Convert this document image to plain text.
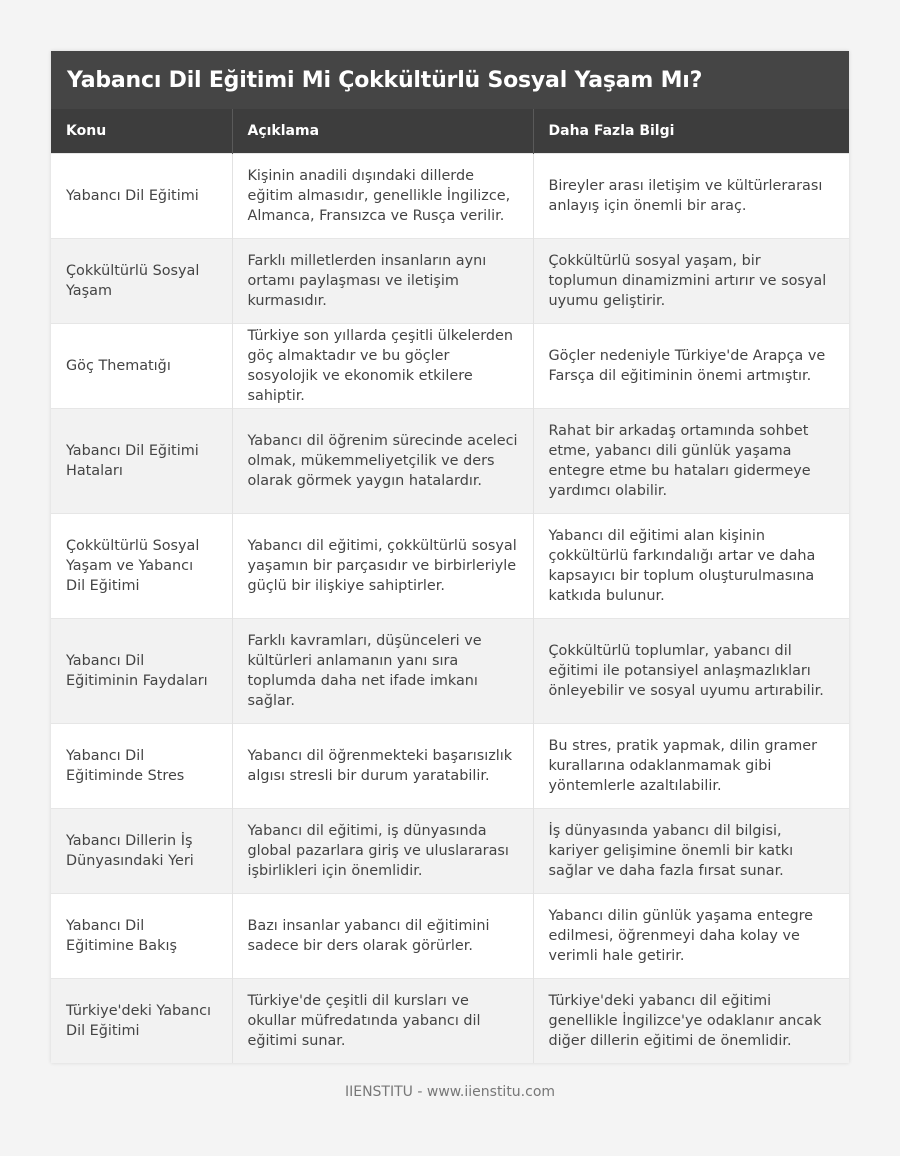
Yabancı Dil Eğitimi Mi Çokkültürlü Sosyal Yaşam Mı?
Konu	Açıklama	Daha Fazla Bilgi
Yabancı Dil Eğitimi	Kişinin anadili dışındaki dillerde eğitim almasıdır, genellikle İngilizce, Almanca, Fransızca ve Rusça verilir.	Bireyler arası iletişim ve kültürlerarası anlayış için önemli bir araç.
Çokkültürlü Sosyal Yaşam	Farklı milletlerden insanların aynı ortamı paylaşması ve iletişim kurmasıdır.	Çokkültürlü sosyal yaşam, bir toplumun dinamizmini artırır ve sosyal uyumu geliştirir.
Göç Thematığı	Türkiye son yıllarda çeşitli ülkelerden göç almaktadır ve bu göçler sosyolojik ve ekonomik etkilere sahiptir.	Göçler nedeniyle Türkiye'de Arapça ve Farsça dil eğitiminin önemi artmıştır.
Yabancı Dil Eğitimi Hataları	Yabancı dil öğrenim sürecinde aceleci olmak, mükemmeliyetçilik ve ders olarak görmek yaygın hatalardır.	Rahat bir arkadaş ortamında sohbet etme, yabancı dili günlük yaşama entegre etme bu hataları gidermeye yardımcı olabilir.
Çokkültürlü Sosyal Yaşam ve Yabancı Dil Eğitimi	Yabancı dil eğitimi, çokkültürlü sosyal yaşamın bir parçasıdır ve birbirleriyle güçlü bir ilişkiye sahiptirler.	Yabancı dil eğitimi alan kişinin çokkültürlü farkındalığı artar ve daha kapsayıcı bir toplum oluşturulmasına katkıda bulunur.
Yabancı Dil Eğitiminin Faydaları	Farklı kavramları, düşünceleri ve kültürleri anlamanın yanı sıra toplumda daha net ifade imkanı sağlar.	Çokkültürlü toplumlar, yabancı dil eğitimi ile potansiyel anlaşmazlıkları önleyebilir ve sosyal uyumu artırabilir.
Yabancı Dil Eğitiminde Stres	Yabancı dil öğrenmekteki başarısızlık algısı stresli bir durum yaratabilir.	Bu stres, pratik yapmak, dilin gramer kurallarına odaklanmamak gibi yöntemlerle azaltılabilir.
Yabancı Dillerin İş Dünyasındaki Yeri	Yabancı dil eğitimi, iş dünyasında global pazarlara giriş ve uluslararası işbirlikleri için önemlidir.	İş dünyasında yabancı dil bilgisi, kariyer gelişimine önemli bir katkı sağlar ve daha fazla fırsat sunar.
Yabancı Dil Eğitimine Bakış	Bazı insanlar yabancı dil eğitimini sadece bir ders olarak görürler.	Yabancı dilin günlük yaşama entegre edilmesi, öğrenmeyi daha kolay ve verimli hale getirir.
Türkiye'deki Yabancı Dil Eğitimi	Türkiye'de çeşitli dil kursları ve okullar müfredatında yabancı dil eğitimi sunar.	Türkiye'deki yabancı dil eğitimi genellikle İngilizce'ye odaklanır ancak diğer dillerin eğitimi de önemlidir.
IIENSTITU - www.iienstitu.com
